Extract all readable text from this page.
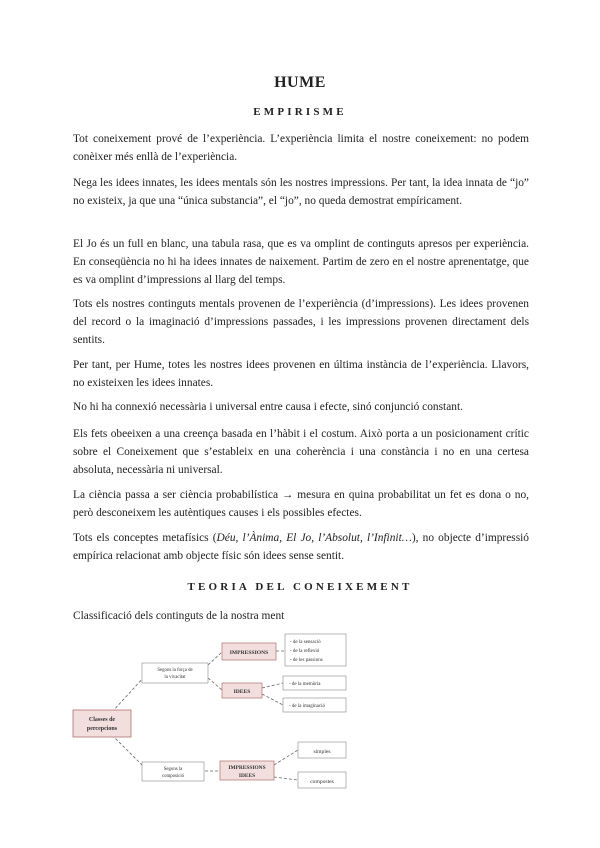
HUME
EMPIRISME
Tot coneixement prové de l’experiència. L’experiència limita el nostre coneixement: no podem conèixer més enllà de l’experiència.
Nega les idees innates, les idees mentals són les nostres impressions. Per tant, la idea innata de “jo” no existeix, ja que una “única substancia”, el “jo”, no queda demostrat empíricament.
El Jo és un full en blanc, una tabula rasa, que es va omplint de continguts apresos per experiència. En conseqüència no hi ha idees innates de naixement. Partim de zero en el nostre aprenentatge, que es va omplint d’impressions al llarg del temps.
Tots els nostres continguts mentals provenen de l’experiència (d’impressions). Les idees provenen del record o la imaginació d’impressions passades, i les impressions provenen directament dels sentits.
Per tant, per Hume, totes les nostres idees provenen en última instància de l’experiència. Llavors, no existeixen les idees innates.
No hi ha connexió necessària i universal entre causa i efecte, sinó conjunció constant.
Els fets obeeixen a una creença basada en l’hàbit i el costum. Això porta a un posicionament crític sobre el Coneixement que s’estableix en una coherència i una constància i no en una certesa absoluta, necessària ni universal.
La ciència passa a ser ciència probabilística → mesura en quina probabilitat un fet es dona o no, però desconeixem les autèntiques causes i els possibles efectes.
Tots els conceptes metafísics (Déu, l’Ànima, El Jo, l’Absolut, l’Infinit…), no objecte d’impressió empírica relacionat amb objecte físic són idees sense sentit.
TEORIA DEL CONEIXEMENT
Classificació dels continguts de la nostra ment
Classes de
percepcions
Segons la força de
la vivacitat
Segons la
composició
IMPRESSIONS
IDEES
- de la sensació
- de la reflexió
- de les passions
- de la memòria
- de la imaginació
IMPRESSIONS
IDEES
simples
compostes
